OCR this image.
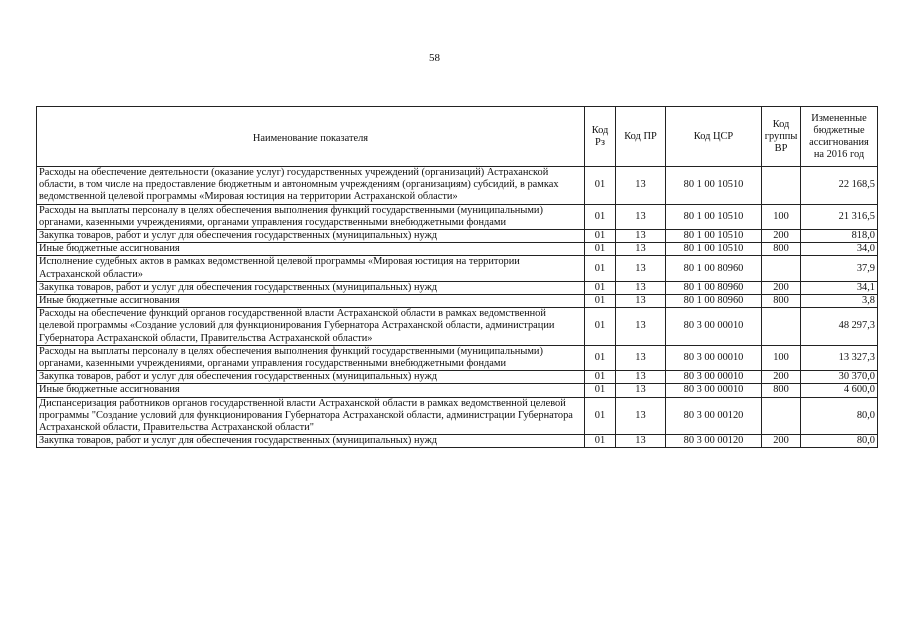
58
Наименование показателя	Код Рз	Код ПР	Код ЦСР	Код группы ВР	Измененные бюджетные ассигнования на 2016 год
Расходы на обеспечение деятельности (оказание услуг) государственных учреждений (организаций) Астраханской области, в том числе на предоставление бюджетным и автономным учреждениям (организациям) субсидий, в рамках ведомственной целевой программы «Мировая юстиция на территории Астраханской области»	01	13	80 1 00 10510		22 168,5
Расходы на выплаты персоналу в целях обеспечения выполнения функций государственными (муниципальными) органами, казенными учреждениями, органами управления государственными внебюджетными фондами	01	13	80 1 00 10510	100	21 316,5
Закупка товаров, работ и услуг для обеспечения государственных (муниципальных) нужд	01	13	80 1 00 10510	200	818,0
Иные бюджетные ассигнования	01	13	80 1 00 10510	800	34,0
Исполнение судебных актов в рамках ведомственной целевой программы «Мировая юстиция на территории Астраханской области»	01	13	80 1 00 80960		37,9
Закупка товаров, работ и услуг для обеспечения государственных (муниципальных) нужд	01	13	80 1 00 80960	200	34,1
Иные бюджетные ассигнования	01	13	80 1 00 80960	800	3,8
Расходы на обеспечение функций органов государственной власти Астраханской области в рамках ведомственной целевой программы «Создание условий для функционирования Губернатора Астраханской области, администрации Губернатора Астраханской области, Правительства Астраханской области»	01	13	80 3 00 00010		48 297,3
Расходы на выплаты персоналу в целях обеспечения выполнения функций государственными (муниципальными) органами, казенными учреждениями, органами управления государственными внебюджетными фондами	01	13	80 3 00 00010	100	13 327,3
Закупка товаров, работ и услуг для обеспечения государственных (муниципальных) нужд	01	13	80 3 00 00010	200	30 370,0
Иные бюджетные ассигнования	01	13	80 3 00 00010	800	4 600,0
Диспансеризация работников органов государственной власти Астраханской области в рамках ведомственной целевой программы "Создание условий для функционирования Губернатора Астраханской области, администрации Губернатора Астраханской области, Правительства Астраханской области"	01	13	80 3 00 00120		80,0
Закупка товаров, работ и услуг для обеспечения государственных (муниципальных) нужд	01	13	80 3 00 00120	200	80,0
